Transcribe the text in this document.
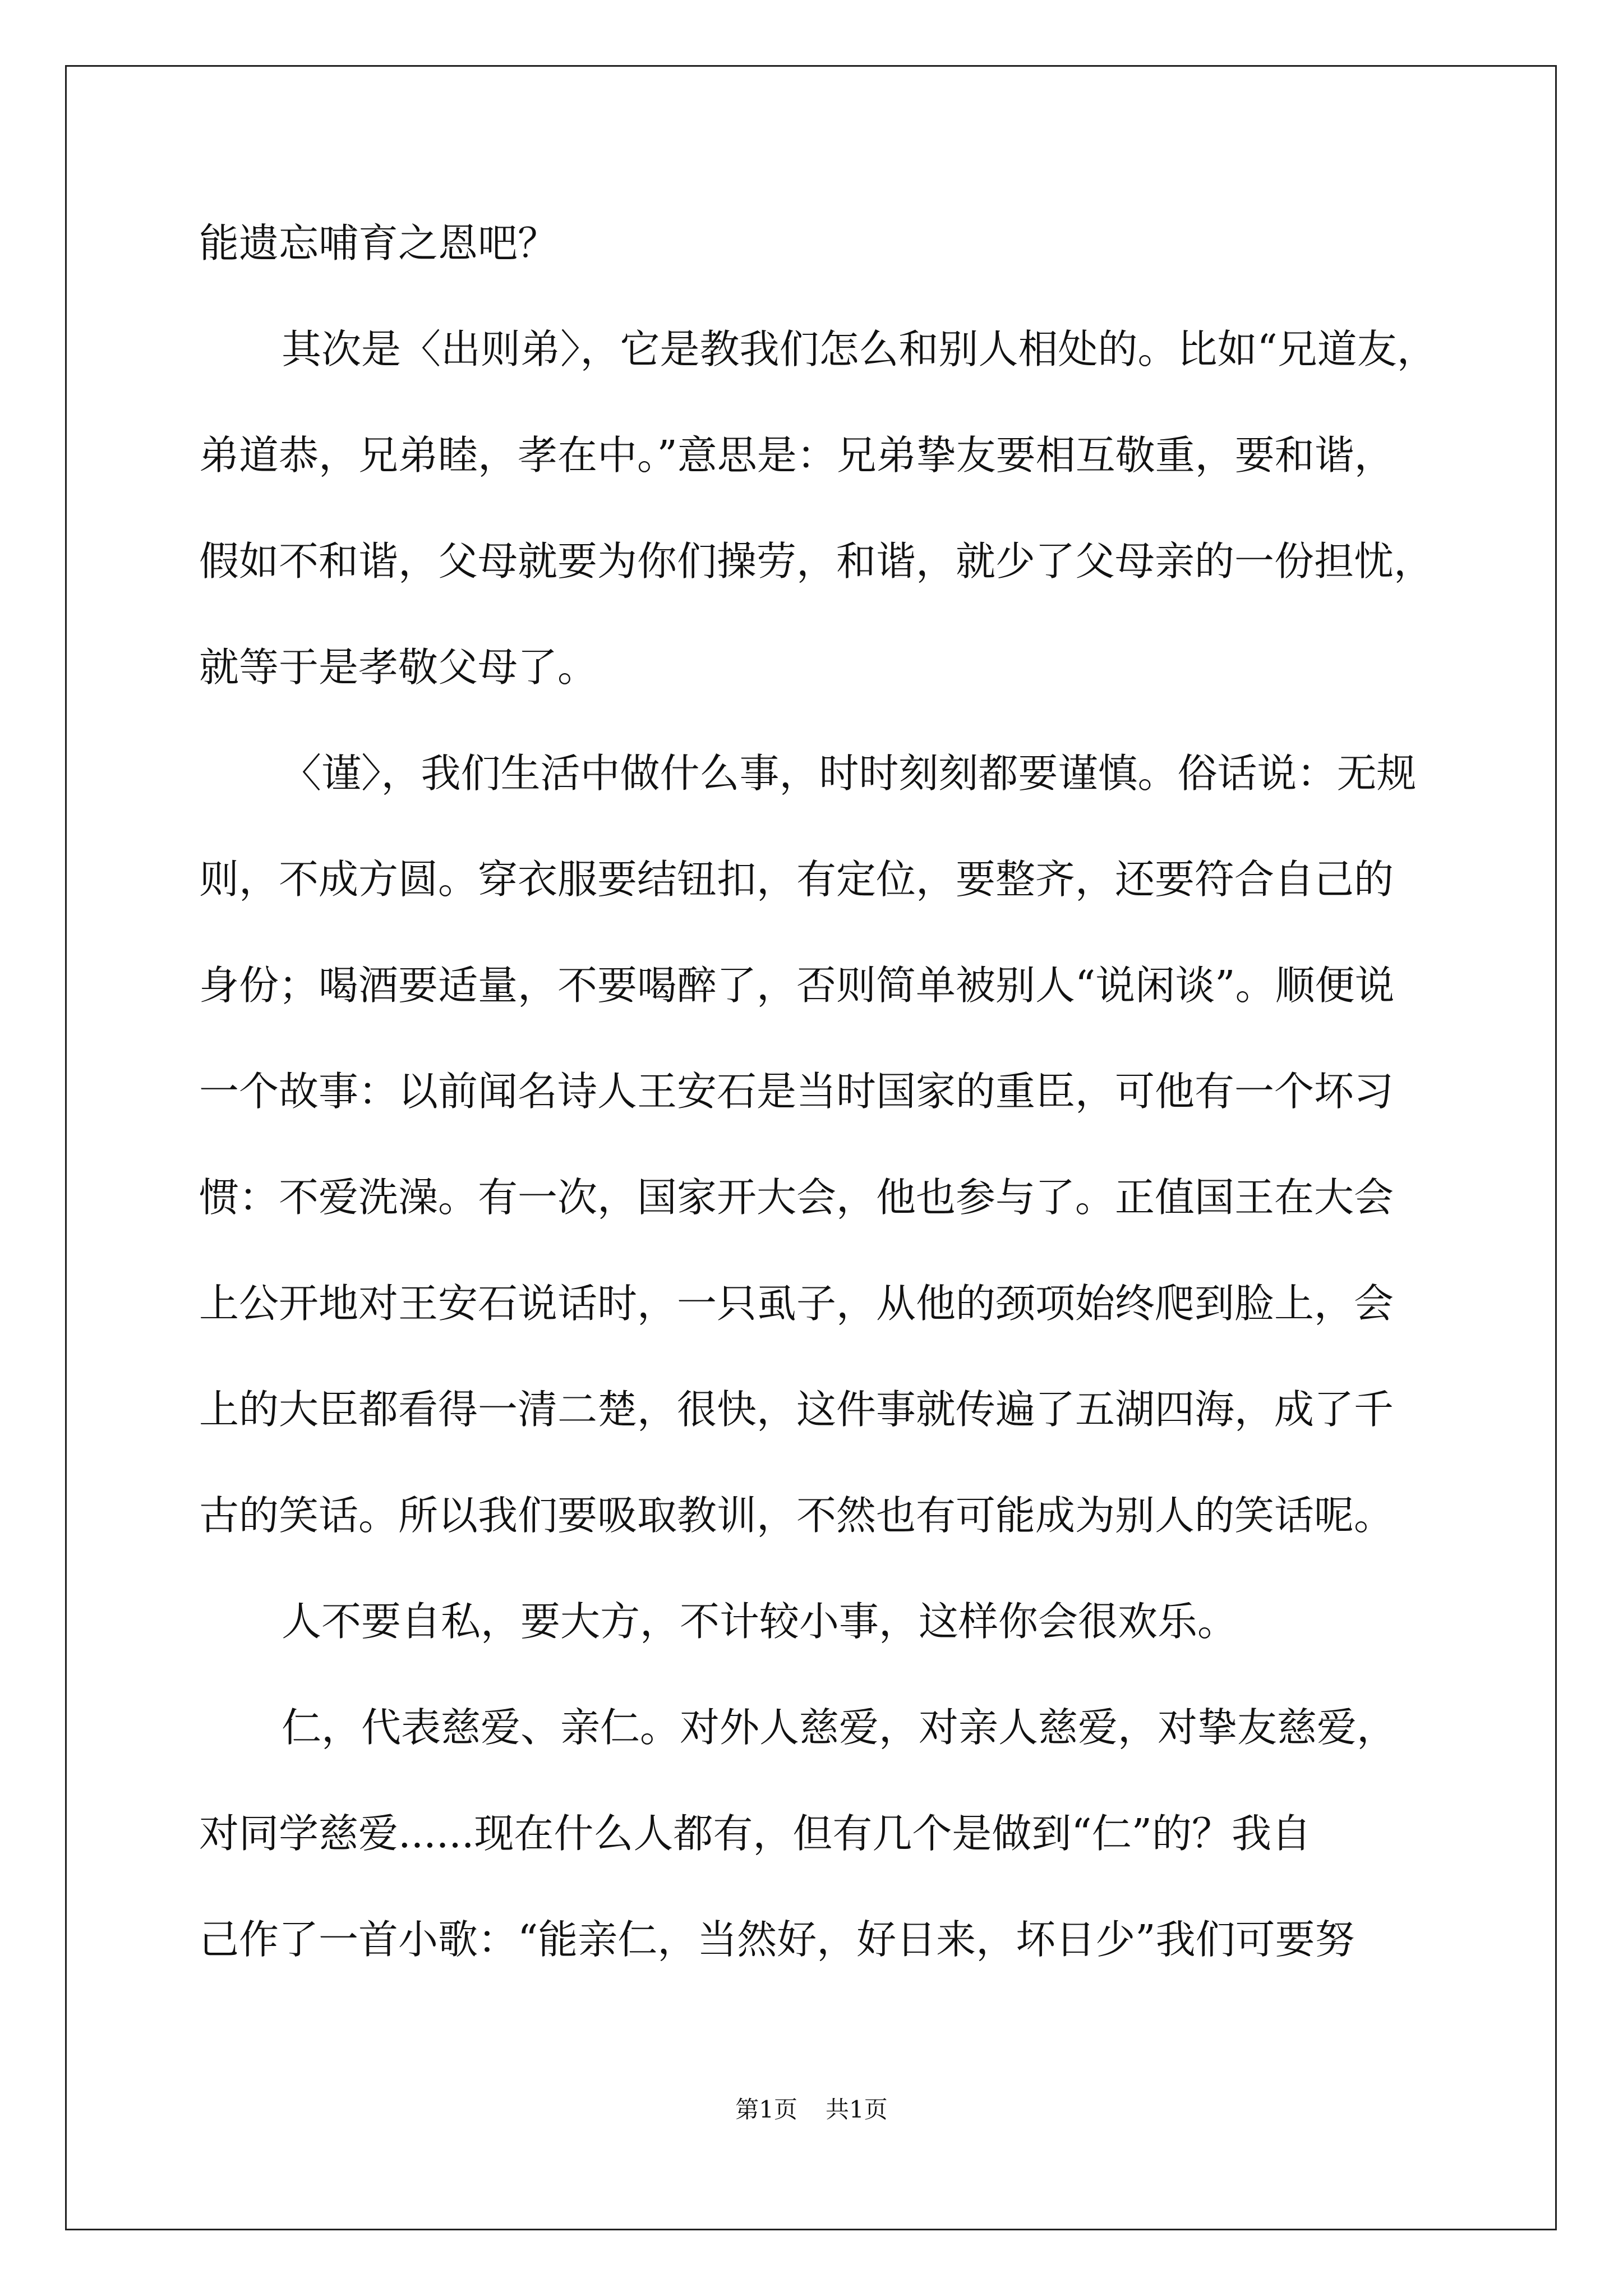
能遗忘哺育之恩吧？
其次是〈出则弟〉，它是教我们怎么和别人相处的。比如“兄道友，
弟道恭，兄弟睦，孝在中。”意思是：兄弟挚友要相互敬重，要和谐，
假如不和谐，父母就要为你们操劳，和谐，就少了父母亲的一份担忧，
就等于是孝敬父母了。
〈谨〉，我们生活中做什么事，时时刻刻都要谨慎。俗话说：无规
则，不成方圆。穿衣服要结钮扣，有定位，要整齐，还要符合自己的
身份；喝酒要适量，不要喝醉了，否则简单被别人“说闲谈”。顺便说
一个故事：以前闻名诗人王安石是当时国家的重臣，可他有一个坏习
惯：不爱洗澡。有一次，国家开大会，他也参与了。正值国王在大会
上公开地对王安石说话时，一只虱子，从他的颈项始终爬到脸上，会
上的大臣都看得一清二楚，很快，这件事就传遍了五湖四海，成了千
古的笑话。所以我们要吸取教训，不然也有可能成为别人的笑话呢。
人不要自私，要大方，不计较小事，这样你会很欢乐。
仁，代表慈爱、亲仁。对外人慈爱，对亲人慈爱，对挚友慈爱，
对同学慈爱......现在什么人都有，但有几个是做到“仁”的？我自
己作了一首小歌：“能亲仁，当然好，好日来，坏日少”我们可要努
第1页 共1页
